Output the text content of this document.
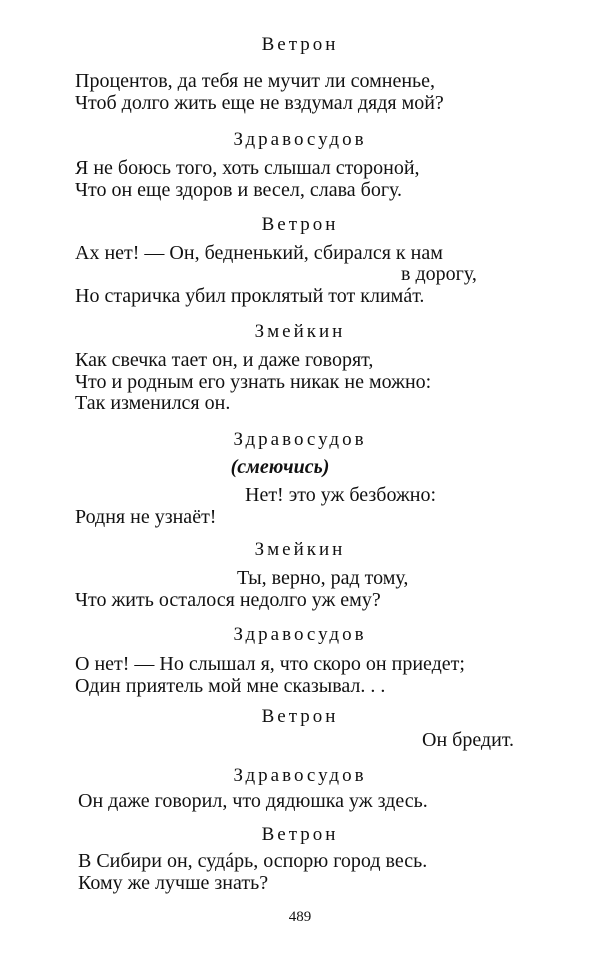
Ветрон

Процентов, да тебя не мучит ли сомненье,

Чтоб долго жить еще не вздумал дядя мой?

Здравосудов

Я не боюсь того, хоть слышал стороной,

Что он еще здоров и весел, слава богу.

Ветрон

Ах нет! — Он, бедненький, сбирался к нам

в дорогу,

Но старичка убил проклятый тот климáт.

Змейкин

Как свечка тает он, и даже говорят,

Что и родным его узнать никак не можно:

Так изменился он.

Здравосудов

(смеючись)

Нет! это уж безбожно:

Родня не узнаёт!

Змейкин

Ты, верно, рад тому,

Что жить осталося недолго уж ему?

Здравосудов

О нет! — Но слышал я, что скоро он приедет;

Один приятель мой мне сказывал. . .

Ветрон

Он бредит.

Здравосудов

Он даже говорил, что дядюшка уж здесь.

Ветрон

В Сибири он, судáрь, оспорю город весь.

Кому же лучше знать?

489
